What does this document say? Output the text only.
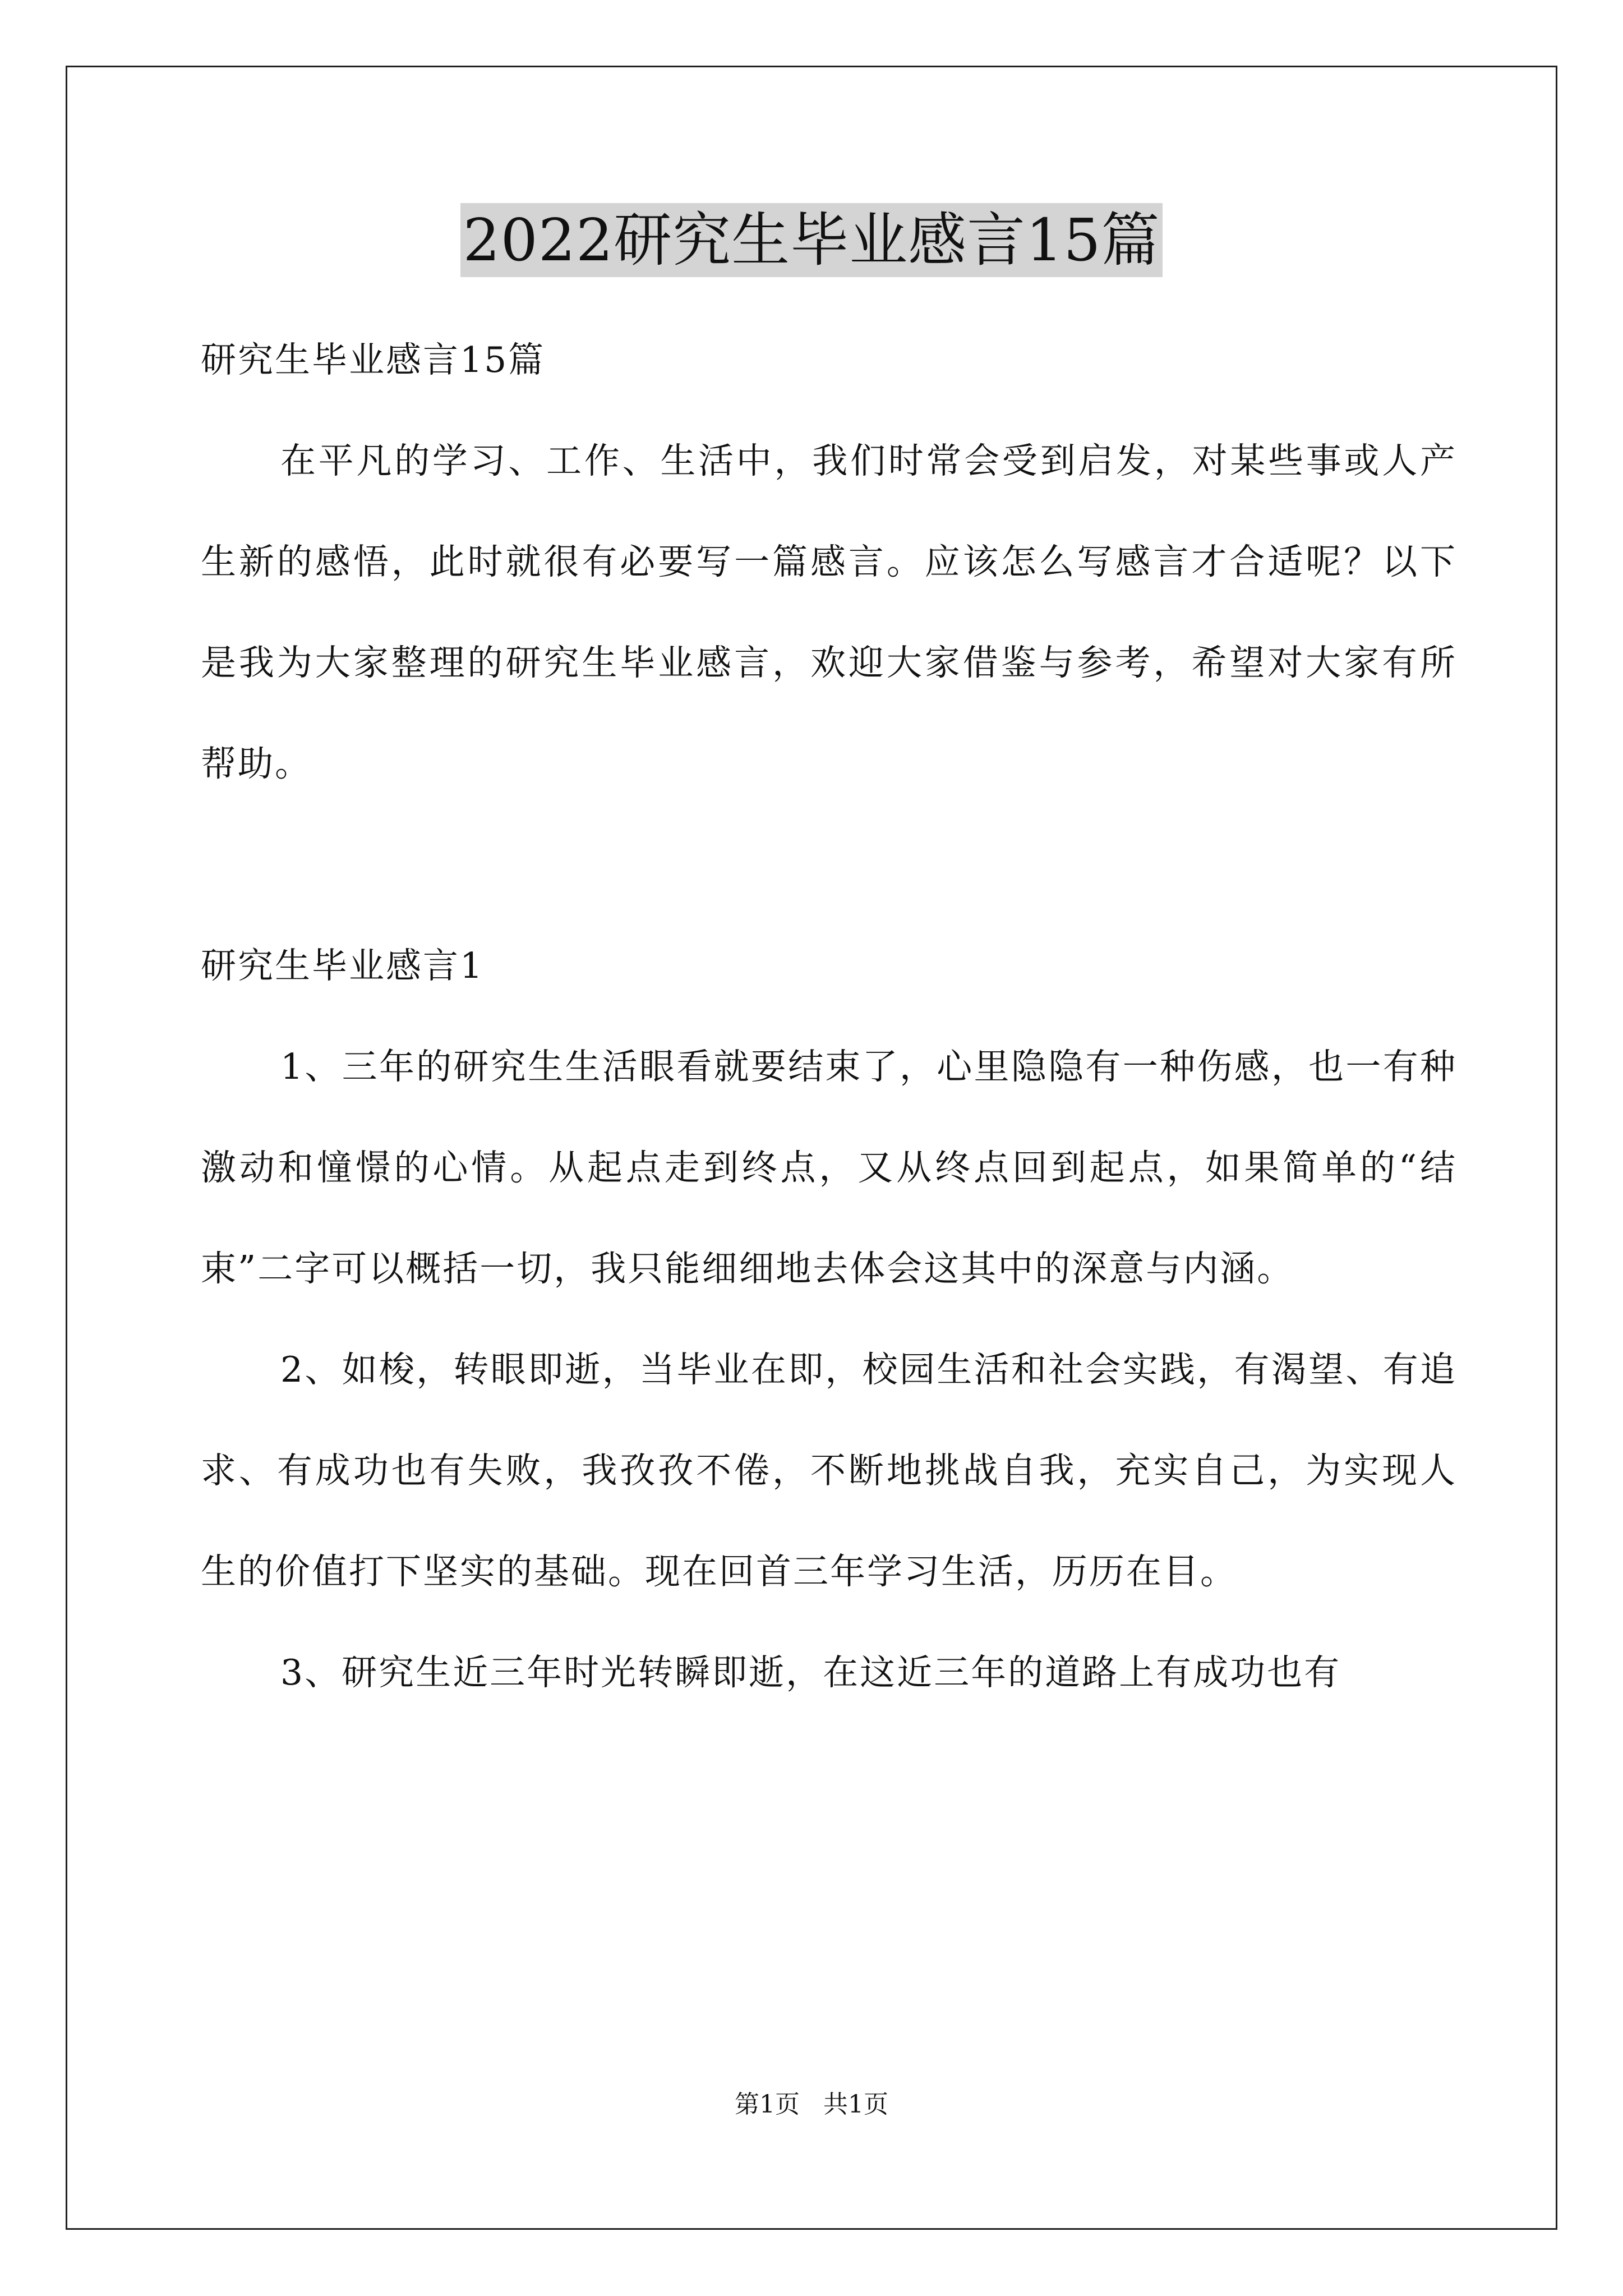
2022研究生毕业感言15篇

研究生毕业感言15篇

在平凡的学习、工作、生活中，我们时常会受到启发，对某些事或人产生新的感悟，此时就很有必要写一篇感言。应该怎么写感言才合适呢？以下是我为大家整理的研究生毕业感言，欢迎大家借鉴与参考，希望对大家有所帮助。

研究生毕业感言1

1、三年的研究生生活眼看就要结束了，心里隐隐有一种伤感，也一有种激动和憧憬的心情。从起点走到终点，又从终点回到起点，如果简单的“结束”二字可以概括一切，我只能细细地去体会这其中的深意与内涵。

2、如梭，转眼即逝，当毕业在即，校园生活和社会实践，有渴望、有追求、有成功也有失败，我孜孜不倦，不断地挑战自我，充实自己，为实现人生的价值打下坚实的基础。现在回首三年学习生活，历历在目。

3、研究生近三年时光转瞬即逝，在这近三年的道路上有成功也有

第1页   共1页
